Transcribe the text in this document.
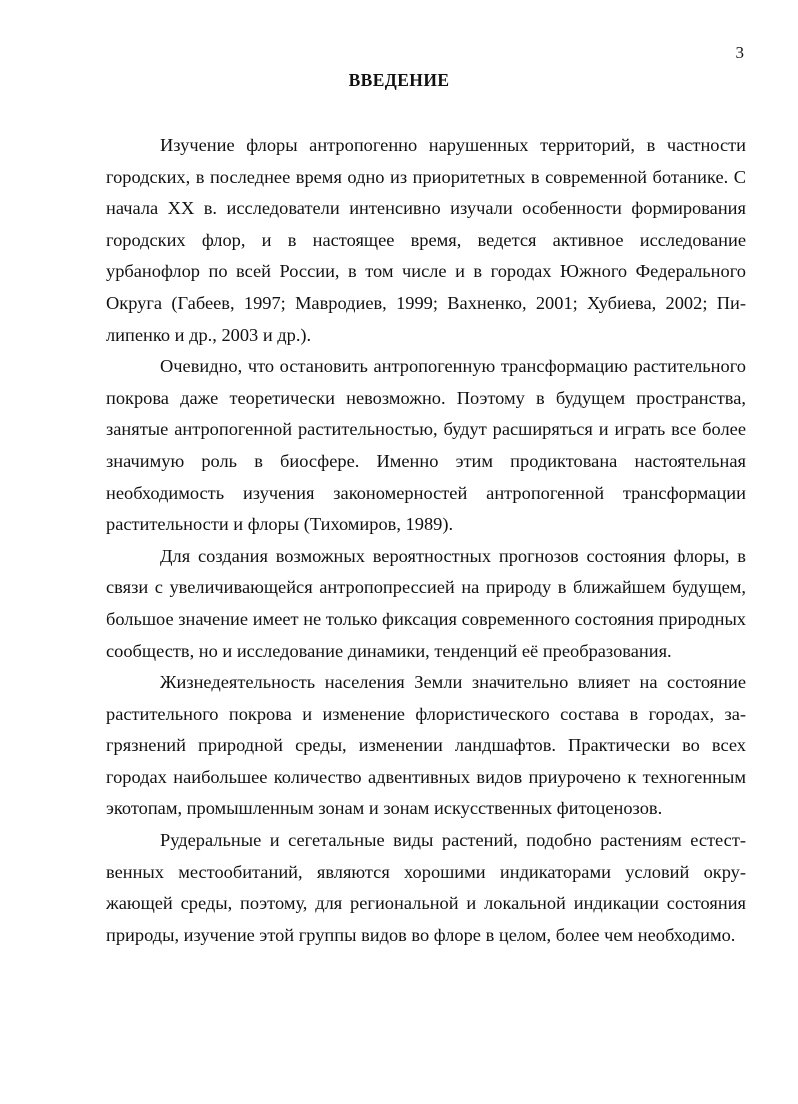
3
ВВЕДЕНИЕ

Изучение флоры антропогенно нарушенных территорий, в частности городских, в последнее время одно из приоритетных в современной ботанике. С начала XX в. исследователи интенсивно изучали особенности формирования городских флор, и в настоящее время, ведется активное исследование урбанофлор по всей России, в том числе и в городах Южного Федерального Округа (Габеев, 1997; Мавродиев, 1999; Вахненко, 2001; Хубиева, 2002; Пилипенко и др., 2003 и др.).

Очевидно, что остановить антропогенную трансформацию растительного покрова даже теоретически невозможно. Поэтому в будущем пространства, занятые антропогенной растительностью, будут расширяться и играть все более значимую роль в биосфере. Именно этим продиктована настоятельная необходимость изучения закономерностей антропогенной трансформации растительности и флоры (Тихомиров, 1989).

Для создания возможных вероятностных прогнозов состояния флоры, в связи с увеличивающейся антропопрессией на природу в ближайшем будущем, большое значение имеет не только фиксация современного состояния природных сообществ, но и исследование динамики, тенденций её преобразования.

Жизнедеятельность населения Земли значительно влияет на состояние растительного покрова и изменение флористического состава в городах, загрязнений природной среды, изменении ландшафтов. Практически во всех городах наибольшее количество адвентивных видов приурочено к техногенным экотопам, промышленным зонам и зонам искусственных фитоценозов.

Рудеральные и сегетальные виды растений, подобно растениям естественных местообитаний, являются хорошими индикаторами условий окружающей среды, поэтому, для региональной и локальной индикации состояния природы, изучение этой группы видов во флоре в целом, более чем необходимо.
